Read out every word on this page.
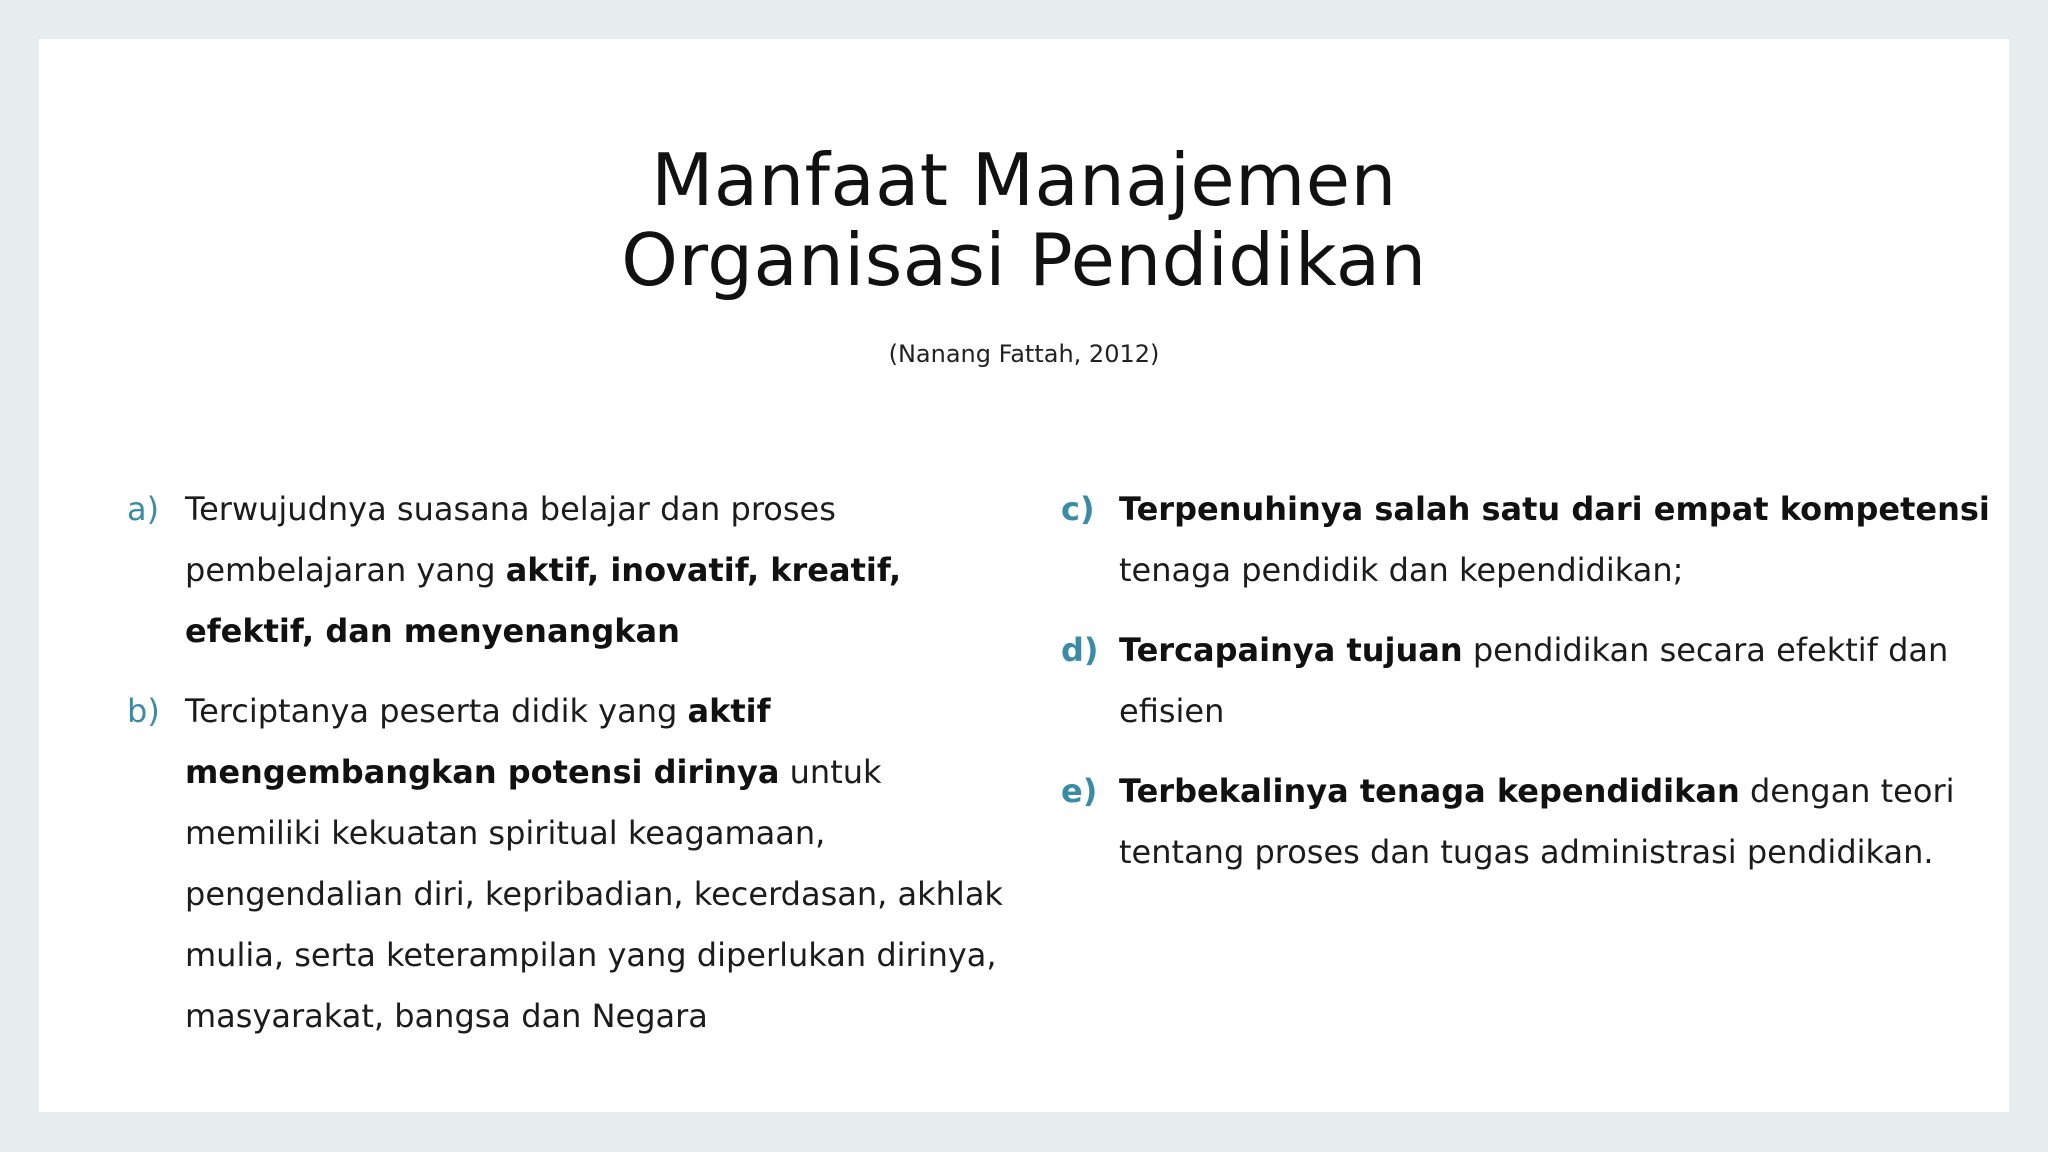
Manfaat Manajemen
Organisasi Pendidikan
(Nanang Fattah, 2012)
a) Terwujudnya suasana belajar dan proses pembelajaran yang aktif, inovatif, kreatif, efektif, dan menyenangkan
b) Terciptanya peserta didik yang aktif mengembangkan potensi dirinya untuk memiliki kekuatan spiritual keagamaan, pengendalian diri, kepribadian, kecerdasan, akhlak mulia, serta keterampilan yang diperlukan dirinya, masyarakat, bangsa dan Negara
c) Terpenuhinya salah satu dari empat kompetensi tenaga pendidik dan kependidikan;
d) Tercapainya tujuan pendidikan secara efektif dan efisien
e) Terbekalinya tenaga kependidikan dengan teori tentang proses dan tugas administrasi pendidikan.
